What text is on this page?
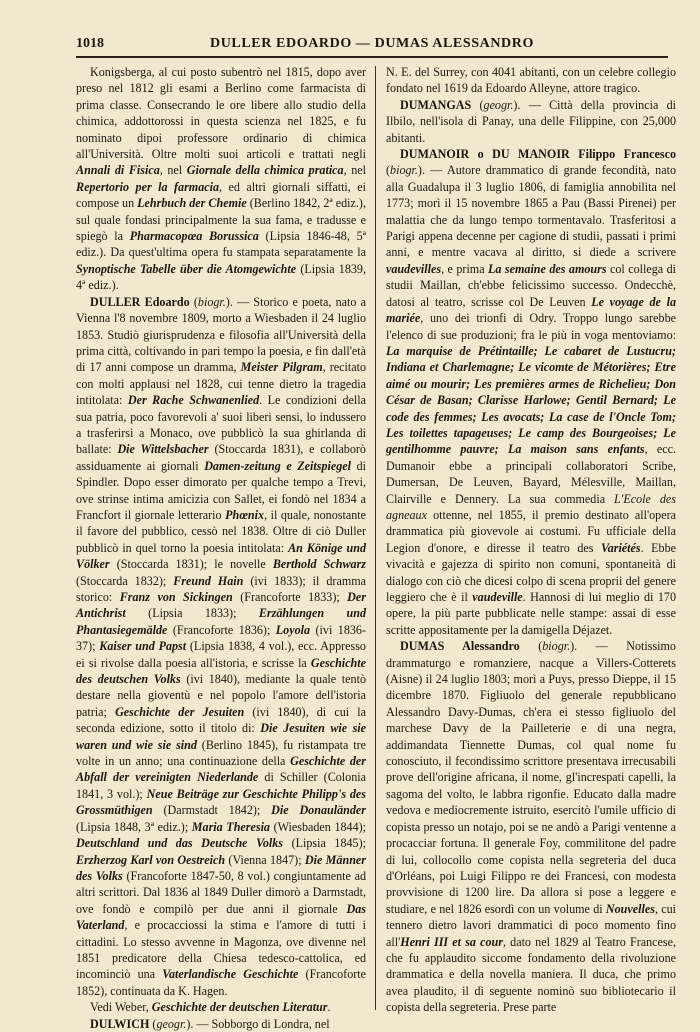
1018	DULLER EDOARDO — DUMAS ALESSANDRO

Konigsberga, al cui posto subentrò nel 1815, dopo aver preso nel 1812 gli esami a Berlino come farmacista di prima classe. Consecrando le ore libere allo studio della chimica, addottorossi in questa scienza nel 1825, e fu nominato dipoi professore ordinario di chimica all'Università. Oltre molti suoi articoli e trattati negli Annali di Fisica, nel Giornale della chimica pratica, nel Repertorio per la farmacia, ed altri giornali siffatti, ei compose un Lehrbuch der Chemie (Berlino 1842, 2ª ediz.), sul quale fondasi principalmente la sua fama, e tradusse e spiegò la Pharmacopœa Borussica (Lipsia 1846-48, 5ª ediz.). Da quest'ultima opera fu stampata separatamente la Synoptische Tabelle über die Atomgewichte (Lipsia 1839, 4ª ediz.).

DULLER Edoardo (biogr.). — Storico e poeta, nato a Vienna l'8 novembre 1809, morto a Wiesbaden il 24 luglio 1853. Studiò giurisprudenza e filosofia all'Università della prima città, coltivando in pari tempo la poesia, e fin dall'età di 17 anni compose un dramma, Meister Pilgram, recitato con molti applausi nel 1828, cui tenne dietro la tragedia intitolata: Der Rache Schwanenlied. Le condizioni della sua patria, poco favorevoli a' suoi liberi sensi, lo indussero a trasferirsi a Monaco, ove pubblicò la sua ghirlanda di ballate: Die Wittelsbacher (Stoccarda 1831), e collaborò assiduamente ai giornali Damen-zeitung e Zeitspiegel di Spindler. Dopo esser dimorato per qualche tempo a Trevi, ove strinse intima amicizia con Sallet, ei fondò nel 1834 a Francfort il giornale letterario Phœnix, il quale, nonostante il favore del pubblico, cessò nel 1838. Oltre di ciò Duller pubblicò in quel torno la poesia intitolata: An Könige und Völker (Stoccarda 1831); le novelle Berthold Schwarz (Stoccarda 1832); Freund Hain (ivi 1833); il dramma storico: Franz von Sickingen (Francoforte 1833); Der Antichrist (Lipsia 1833); Erzählungen und Phantasiegemälde (Francoforte 1836); Loyola (ivi 1836-37); Kaiser und Papst (Lipsia 1838, 4 vol.), ecc. Appresso ei si rivolse dalla poesia all'istoria, e scrisse la Geschichte des deutschen Volks (ivi 1840), mediante la quale tentò destare nella gioventù e nel popolo l'amore dell'istoria patria; Geschichte der Jesuiten (ivi 1840), di cui la seconda edizione, sotto il titolo di: Die Jesuiten wie sie waren und wie sie sind (Berlino 1845), fu ristampata tre volte in un anno; una continuazione della Geschichte der Abfall der vereinigten Niederlande di Schiller (Colonia 1841, 3 vol.); Neue Beiträge zur Geschichte Philipp's des Grossmüthigen (Darmstadt 1842); Die Donauländer (Lipsia 1848, 3ª ediz.); Maria Theresia (Wiesbaden 1844); Deutschland und das Deutsche Volks (Lipsia 1845); Erzherzog Karl von Oestreich (Vienna 1847); Die Männer des Volks (Francoforte 1847-50, 8 vol.) congiuntamente ad altri scrittori. Dal 1836 al 1849 Duller dimorò a Darmstadt, ove fondò e compilò per due anni il giornale Das Vaterland, e procacciossi la stima e l'amore di tutti i cittadini. Lo stesso avvenne in Magonza, ove divenne nel 1851 predicatore della Chiesa tedesco-cattolica, ed incominciò una Vaterlandische Geschichte (Francoforte 1852), continuata da K. Hagen.

Vedi Weber, Geschichte der deutschen Literatur.

DULWICH (geogr.). — Sobborgo di Londra, nel

N. E. del Surrey, con 4041 abitanti, con un celebre collegio fondato nel 1619 da Edoardo Alleyne, attore tragico.

DUMANGAS (geogr.). — Città della provincia di Ilbilo, nell'isola di Panay, una delle Filippine, con 25,000 abitanti.

DUMANOIR o DU MANOIR Filippo Francesco (biogr.). — Autore drammatico di grande fecondità, nato alla Guadalupa il 3 luglio 1806, di famiglia annobilita nel 1773; morì il 15 novembre 1865 a Pau (Bassi Pirenei) per malattia che da lungo tempo tormentavalo. Trasferitosi a Parigi appena decenne per cagione di studii, passati i primi anni, e mentre vacava al diritto, si diede a scrivere vaudevilles, e prima La semaine des amours col collega di studii Maillan, ch'ebbe felicissimo successo. Ondecchè, datosi al teatro, scrisse col De Leuven Le voyage de la mariée, uno dei trionfi di Odry. Troppo lungo sarebbe l'elenco di sue produzioni; fra le più in voga mentoviamo: La marquise de Prétintaille; Le cabaret de Lustucru; Indiana et Charlemagne; Le vicomte de Métorières; Etre aimé ou mourir; Les premières armes de Richelieu; Don César de Basan; Clarisse Harlowe; Gentil Bernard; Le code des femmes; Les avocats; La case de l'Oncle Tom; Les toilettes tapageuses; Le camp des Bourgeoises; Le gentilhomme pauvre; La maison sans enfants, ecc. Dumanoir ebbe a principali collaboratori Scribe, Dumersan, De Leuven, Bayard, Mélesville, Maillan, Clairville e Dennery. La sua commedia L'Ecole des agneaux ottenne, nel 1855, il premio destinato all'opera drammatica più giovevole ai costumi. Fu ufficiale della Legion d'onore, e diresse il teatro des Variétés. Ebbe vivacità e gajezza di spirito non comuni, spontaneità di dialogo con ciò che dicesi colpo di scena proprii del genere leggiero che è il vaudeville. Hannosi di lui meglio di 170 opere, la più parte pubblicate nelle stampe: assai di esse scritte appositamente per la damigella Déjazet.

DUMAS Alessandro (biogr.). — Notissimo drammaturgo e romanziere, nacque a Villers-Cotterets (Aisne) il 24 luglio 1803; morì a Puys, presso Dieppe, il 15 dicembre 1870. Figliuolo del generale repubblicano Alessandro Davy-Dumas, ch'era ei stesso figliuolo del marchese Davy de la Pailleterie e di una negra, addimandata Tiennette Dumas, col qual nome fu conosciuto, il fecondissimo scrittore presentava irrecusabili prove dell'origine africana, il nome, gl'increspati capelli, la sagoma del volto, le labbra rigonfie. Educato dalla madre vedova e mediocremente istruito, esercitò l'umile ufficio di copista presso un notajo, poi se ne andò a Parigi ventenne a procacciar fortuna. Il generale Foy, commilitone del padre di lui, collocollo come copista nella segreteria del duca d'Orléans, poi Luigi Filippo re dei Francesi, con modesta provvisione di 1200 lire. Da allora si pose a leggere e studiare, e nel 1826 esordì con un volume di Nouvelles, cui tennero dietro lavori drammatici di poco momento fino all'Henri III et sa cour, dato nel 1829 al Teatro Francese, che fu applaudito siccome fondamento della rivoluzione drammatica e della novella maniera. Il duca, che primo avea plaudito, il dì seguente nominò suo bibliotecario il copista della segreteria. Prese parte
